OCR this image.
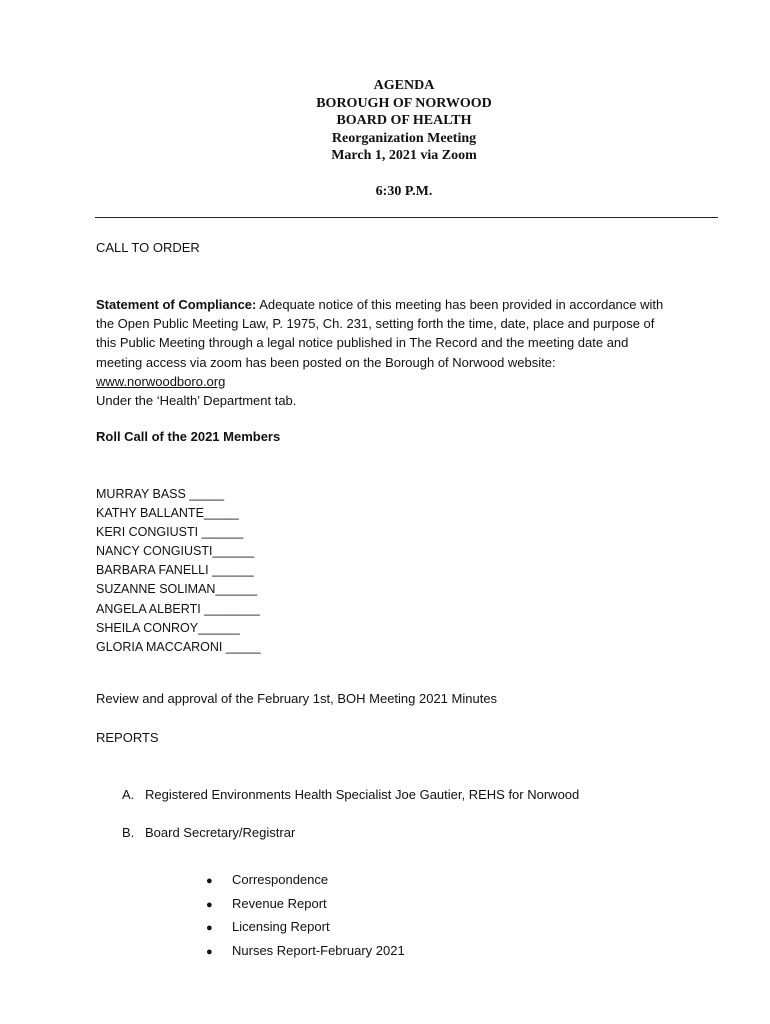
AGENDA
BOROUGH OF NORWOOD
BOARD OF HEALTH
Reorganization Meeting
March 1, 2021 via Zoom
6:30 P.M.
CALL TO ORDER
Statement of Compliance: Adequate notice of this meeting has been provided in accordance with
the Open Public Meeting Law, P. 1975, Ch. 231, setting forth the time, date, place and purpose of
this Public Meeting through a legal notice published in The Record and the meeting date and
meeting access via zoom has been posted on the Borough of Norwood website:
www.norwoodboro.org
Under the ‘Health’ Department tab.
Roll Call of the 2021 Members
MURRAY BASS _____
KATHY BALLANTE_____
KERI CONGIUSTI ______
NANCY CONGIUSTI______
BARBARA FANELLI ______
SUZANNE SOLIMAN______
ANGELA ALBERTI ________
SHEILA CONROY______
GLORIA MACCARONI _____
Review and approval of the February 1st, BOH Meeting 2021 Minutes
REPORTS
A. Registered Environments Health Specialist Joe Gautier, REHS for Norwood
B. Board Secretary/Registrar
● Correspondence
● Revenue Report
● Licensing Report
● Nurses Report-February 2021
